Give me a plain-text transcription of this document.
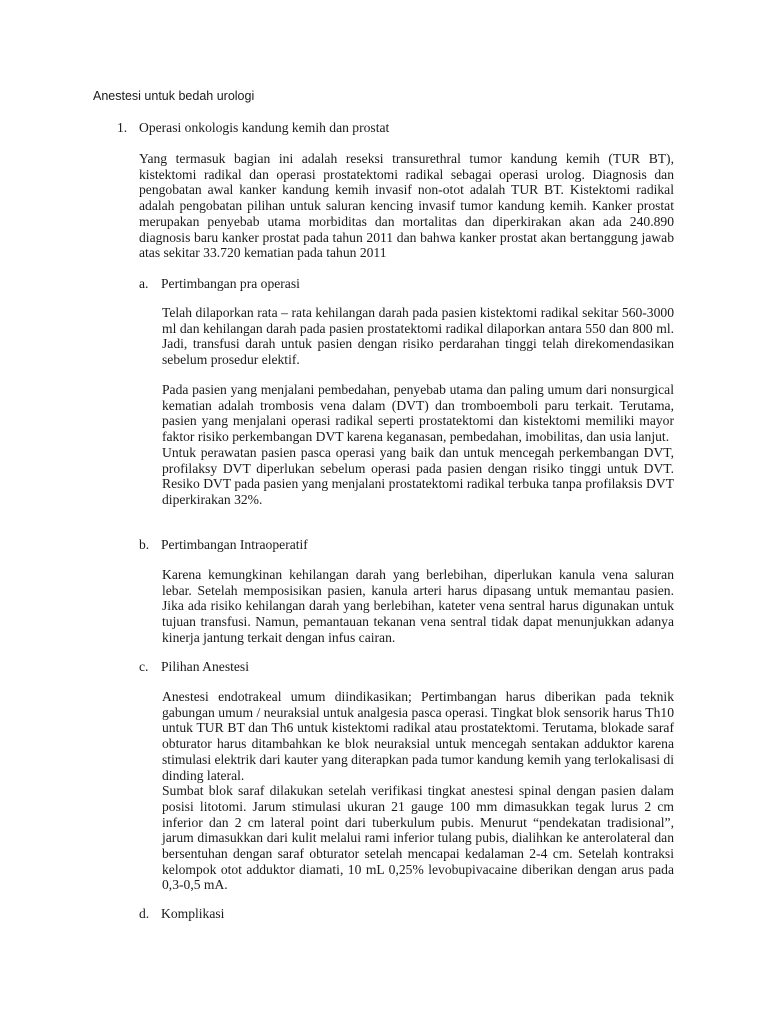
Anestesi untuk bedah urologi
1. Operasi onkologis kandung kemih dan prostat

Yang termasuk bagian ini adalah reseksi transurethral tumor kandung kemih (TUR BT), kistektomi radikal dan operasi prostatektomi radikal sebagai operasi urolog. Diagnosis dan pengobatan awal kanker kandung kemih invasif non-otot adalah TUR BT. Kistektomi radikal adalah pengobatan pilihan untuk saluran kencing invasif tumor kandung kemih. Kanker prostat merupakan penyebab utama morbiditas dan mortalitas dan diperkirakan akan ada 240.890 diagnosis baru kanker prostat pada tahun 2011 dan bahwa kanker prostat akan bertanggung jawab atas sekitar 33.720 kematian pada tahun 2011

a. Pertimbangan pra operasi

Telah dilaporkan rata – rata kehilangan darah pada pasien kistektomi radikal sekitar 560-3000 ml dan kehilangan darah pada pasien prostatektomi radikal dilaporkan antara 550 dan 800 ml. Jadi, transfusi darah untuk pasien dengan risiko perdarahan tinggi telah direkomendasikan sebelum prosedur elektif.

Pada pasien yang menjalani pembedahan, penyebab utama dan paling umum dari nonsurgical kematian adalah trombosis vena dalam (DVT) dan tromboemboli paru terkait. Terutama, pasien yang menjalani operasi radikal seperti prostatektomi dan kistektomi memiliki mayor faktor risiko perkembangan DVT karena keganasan, pembedahan, imobilitas, dan usia lanjut.

Untuk perawatan pasien pasca operasi yang baik dan untuk mencegah perkembangan DVT, profilaksy DVT diperlukan sebelum operasi pada pasien dengan risiko tinggi untuk DVT. Resiko DVT pada pasien yang menjalani prostatektomi radikal terbuka tanpa profilaksis DVT diperkirakan 32%.

b. Pertimbangan Intraoperatif

Karena kemungkinan kehilangan darah yang berlebihan, diperlukan kanula vena saluran lebar. Setelah memposisikan pasien, kanula arteri harus dipasang untuk memantau pasien. Jika ada risiko kehilangan darah yang berlebihan, kateter vena sentral harus digunakan untuk tujuan transfusi. Namun, pemantauan tekanan vena sentral tidak dapat menunjukkan adanya kinerja jantung terkait dengan infus cairan.

c. Pilihan Anestesi

Anestesi endotrakeal umum diindikasikan; Pertimbangan harus diberikan pada teknik gabungan umum / neuraksial untuk analgesia pasca operasi. Tingkat blok sensorik harus Th10 untuk TUR BT dan Th6 untuk kistektomi radikal atau prostatektomi. Terutama, blokade saraf obturator harus ditambahkan ke blok neuraksial untuk mencegah sentakan adduktor karena stimulasi elektrik dari kauter yang diterapkan pada tumor kandung kemih yang terlokalisasi di dinding lateral.

Sumbat blok saraf dilakukan setelah verifikasi tingkat anestesi spinal dengan pasien dalam posisi litotomi. Jarum stimulasi ukuran 21 gauge 100 mm dimasukkan tegak lurus 2 cm inferior dan 2 cm lateral point dari tuberkulum pubis. Menurut “pendekatan tradisional”, jarum dimasukkan dari kulit melalui rami inferior tulang pubis, dialihkan ke anterolateral dan bersentuhan dengan saraf obturator setelah mencapai kedalaman 2-4 cm. Setelah kontraksi kelompok otot adduktor diamati, 10 mL 0,25% levobupivacaine diberikan dengan arus pada 0,3-0,5 mA.

d. Komplikasi
